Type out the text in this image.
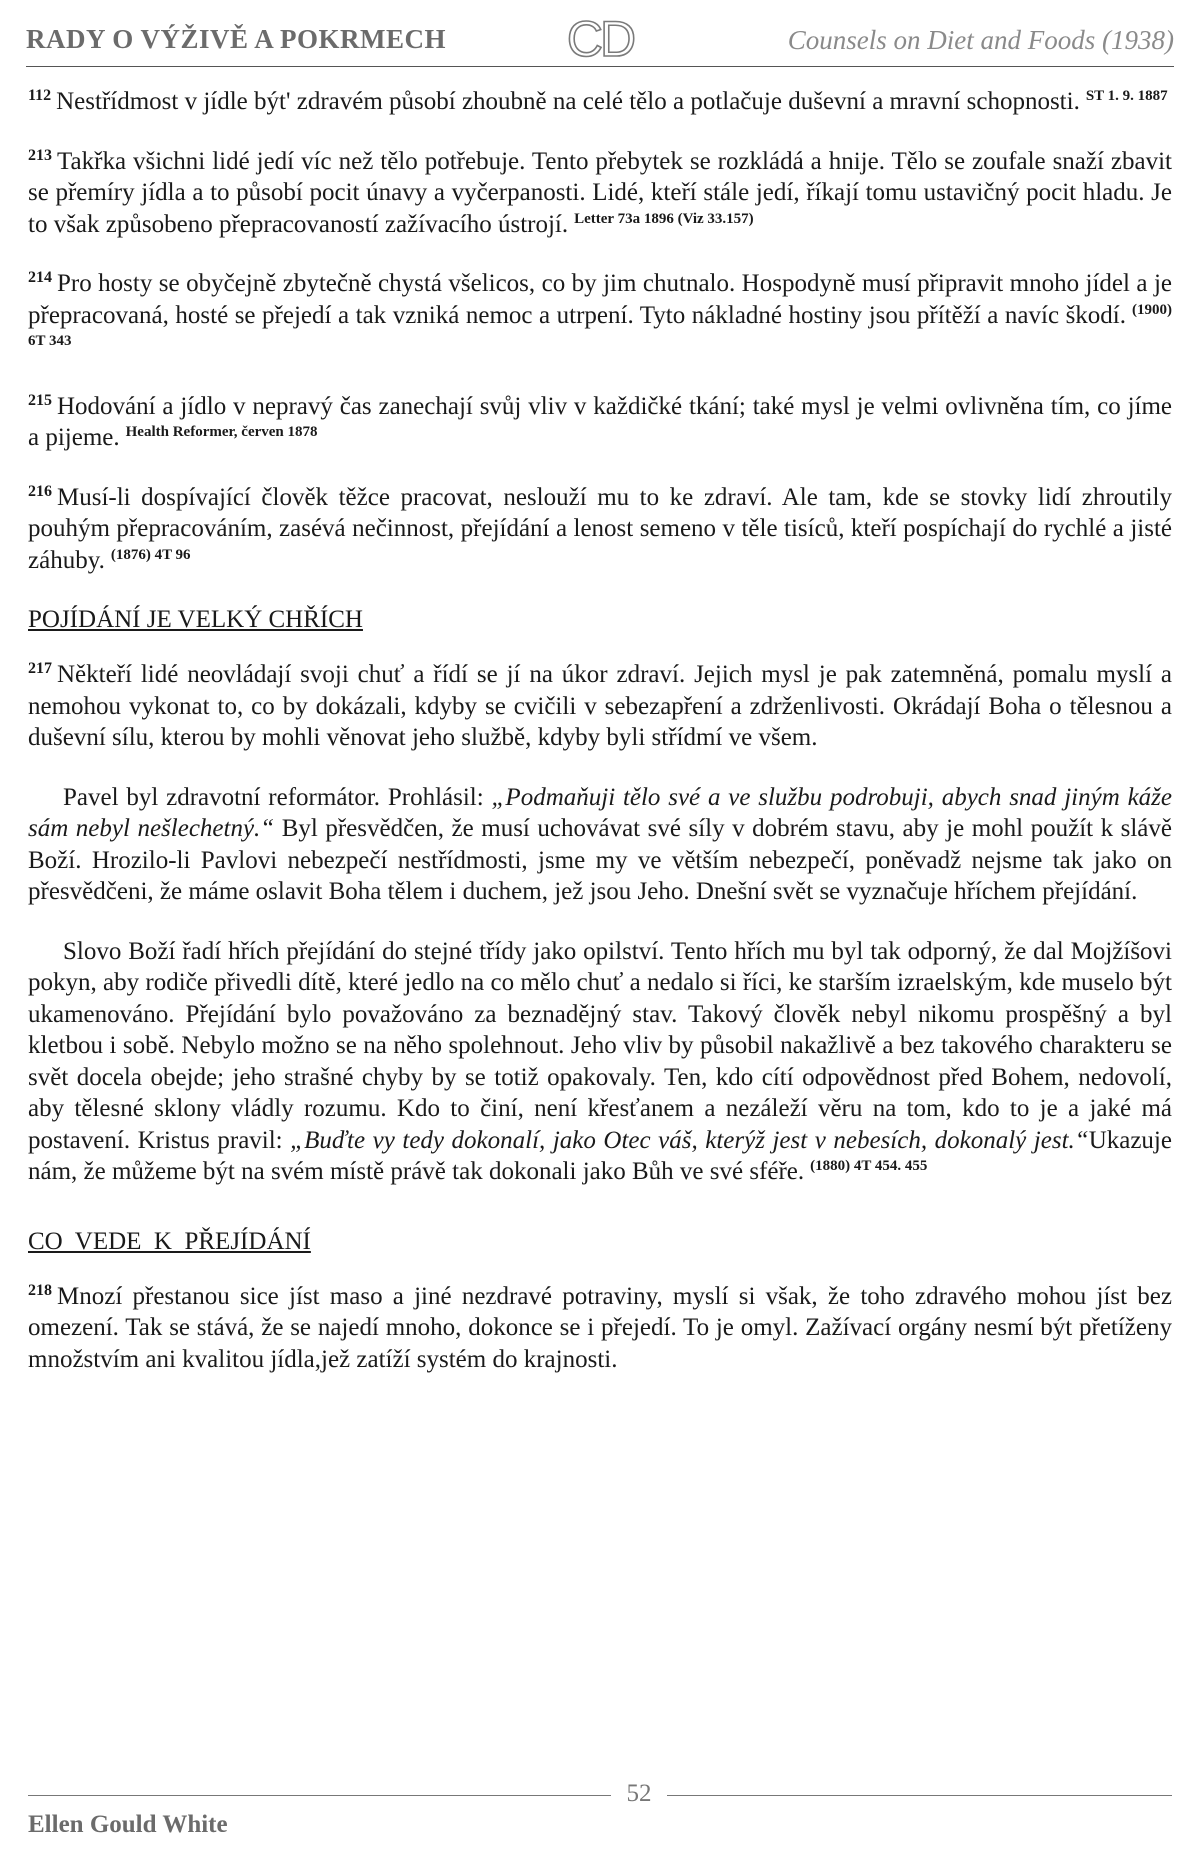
RADY O VÝŽIVĚ A POKRMECH CD	Counsels on Diet and Foods (1938)

$^{112}$ Nestřídmost v jídle být' zdravém působí zhoubně na celé tělo a potlačuje duševní a mravní schopnosti. $^{ST 1. 9. 1887}$

$^{213}$ Takřka všichni lidé jedí víc než tělo potřebuje. Tento přebytek se rozkládá a hnije. Tělo se zoufale snaží zbavit se přemíry jídla a to působí pocit únavy a vyčerpanosti. Lidé, kteří stále jedí, říkají tomu ustavičný pocit hladu. Je to však způsobeno přepracovaností zažívacího ústrojí. $^{Letter 73a 1896 (Viz 33.157)}$

$^{214}$ Pro hosty se obyčejně zbytečně chystá všelicos, co by jim chutnalo. Hospodyně musí připravit mnoho jídel a je přepracovaná, hosté se přejedí a tak vzniká nemoc a utrpení. Tyto nákladné hostiny jsou přítěží a navíc škodí. $^{(1900) 6T 343}$

$^{215}$ Hodování a jídlo v nepravý čas zanechají svůj vliv v každičké tkání; také mysl je velmi ovlivněna tím, co jíme a pijeme. $^{Health Reformer, červen 1878}$

$^{216}$ Musí-li dospívající člověk těžce pracovat, neslouží mu to ke zdraví. Ale tam, kde se stovky lidí zhroutily pouhým přepracováním, zasévá nečinnost, přejídání a lenost semeno v těle tisíců, kteří pospíchají do rychlé a jisté záhuby. $^{(1876) 4T 96}$

POJÍDÁNÍ JE VELKÝ CHŘÍCH

$^{217}$ Někteří lidé neovládají svoji chuť a řídí se jí na úkor zdraví. Jejich mysl je pak zatemněná, pomalu myslí a nemohou vykonat to, co by dokázali, kdyby se cvičili v sebezapření a zdrženlivosti. Okrádají Boha o tělesnou a duševní sílu, kterou by mohli věnovat jeho službě, kdyby byli střídmí ve všem.

Pavel byl zdravotní reformátor. Prohlásil: „Podmaňuji tělo své a ve službu podrobuji, abych snad jiným káže sám nebyl nešlechetný.“ Byl přesvědčen, že musí uchovávat své síly v dobrém stavu, aby je mohl použít k slávě Boží. Hrozilo-li Pavlovi nebezpečí nestřídmosti, jsme my ve větším nebezpečí, poněvadž nejsme tak jako on přesvědčeni, že máme oslavit Boha tělem i duchem, jež jsou Jeho. Dnešní svět se vyznačuje hříchem přejídání.

Slovo Boží řadí hřích přejídání do stejné třídy jako opilství. Tento hřích mu byl tak odporný, že dal Mojžíšovi pokyn, aby rodiče přivedli dítě, které jedlo na co mělo chuť a nedalo si říci, ke starším izraelským, kde muselo být ukamenováno. Přejídání bylo považováno za beznadějný stav. Takový člověk nebyl nikomu prospěšný a byl kletbou i sobě. Nebylo možno se na něho spolehnout. Jeho vliv by působil nakažlivě a bez takového charakteru se svět docela obejde; jeho strašné chyby by se totiž opakovaly. Ten, kdo cítí odpovědnost před Bohem, nedovolí, aby tělesné sklony vládly rozumu. Kdo to činí, není křesťanem a nezáleží věru na tom, kdo to je a jaké má postavení. Kristus pravil: „Buďte vy tedy dokonalí, jako Otec váš, kterýž jest v nebesích, dokonalý jest.“Ukazuje nám, že můžeme být na svém místě právě tak dokonali jako Bůh ve své sféře. $^{(1880) 4T 454. 455}$

CO  VEDE  K  PŘEJÍDÁNÍ

$^{218}$ Mnozí přestanou sice jíst maso a jiné nezdravé potraviny, myslí si však, že toho zdravého mohou jíst bez omezení. Tak se stává, že se najedí mnoho, dokonce se i přejedí. To je omyl. Zažívací orgány nesmí být přetíženy množstvím ani kvalitou jídla,jež zatíží systém do krajnosti.

52
Ellen Gould White
